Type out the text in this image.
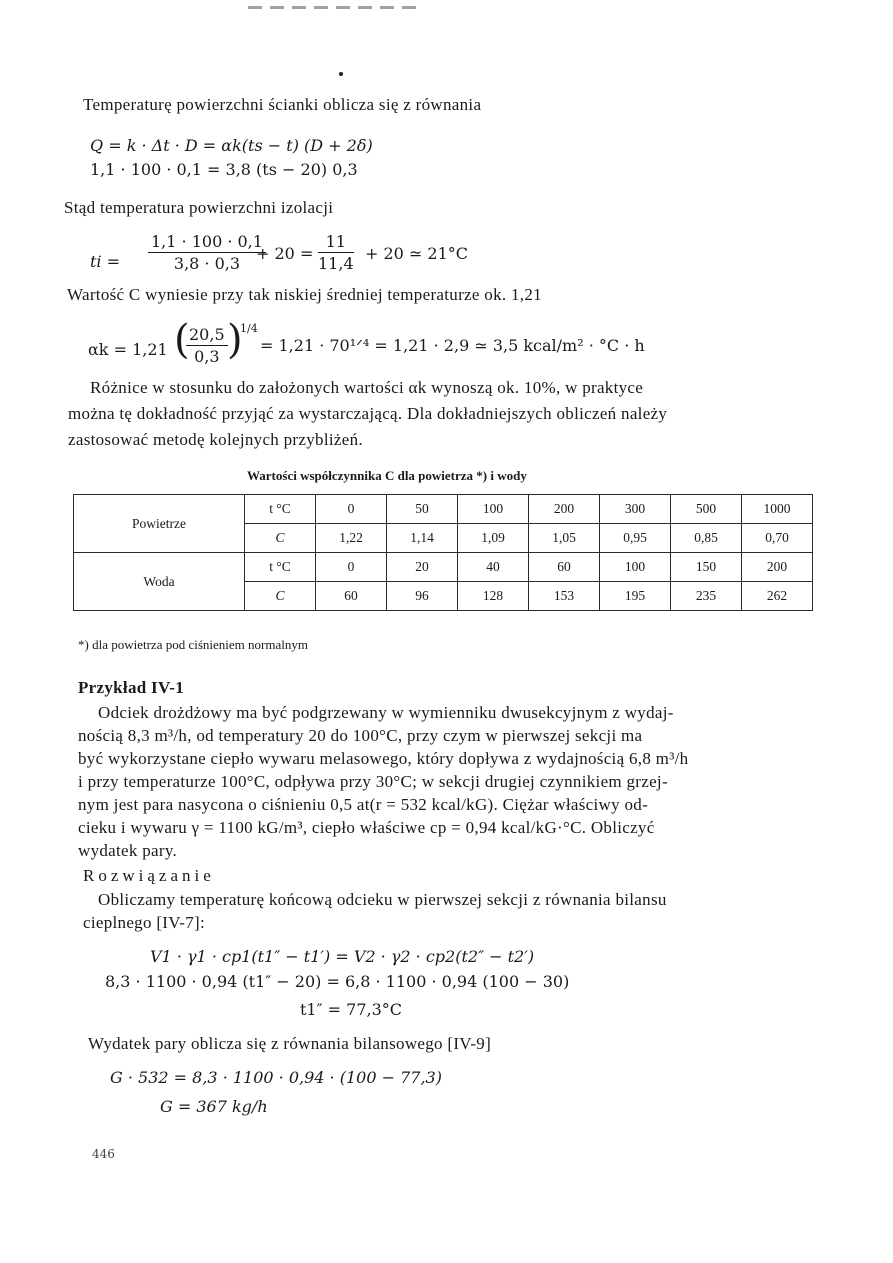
Temperaturę powierzchni ścianki oblicza się z równania
Q = k · Δt · D = αk(ts − t) (D + 2δ)
1,1 · 100 · 0,1 = 3,8 (ts − 20) 0,3
Stąd temperatura powierzchni izolacji
ti = $\frac{1,1 \cdot 100 \cdot 0,1}{3,8 \cdot 0,3}$
+ $20 = \frac{11}{11,4} + 20$ ≃ 21°C
Wartość C wyniesie przy tak niskiej średniej temperaturze ok. 1,21
αk = 1,21 (
$\frac{20,5}{0,3}$ )
1/4
= 1,21 · 70¹ᐟ⁴ = 1,21 · 2,9 ≃ 3,5 kcal/m² · °C · h
Różnice w stosunku do założonych wartości αk wynoszą ok. 10%, w praktyce
można tę dokładność przyjąć za wystarczającą. Dla dokładniejszych obliczeń należy
zastosować metodę kolejnych przybliżeń.
Wartości współczynnika C dla powietrza *) i wody
Powietrze	t °C	0	50	100	200	300	500	1000
	C	1,22	1,14	1,09	1,05	0,95	0,85	0,70
Woda	t °C	0	20	40	60	100	150	200
	C	60	96	128	153	195	235	262
*) dla powietrza pod ciśnieniem normalnym
Przykład IV-1
Odciek drożdżowy ma być podgrzewany w wymienniku dwusekcyjnym z wydaj-
nością 8,3 m³/h, od temperatury 20 do 100°C, przy czym w pierwszej sekcji ma
być wykorzystane ciepło wywaru melasowego, który dopływa z wydajnością 6,8 m³/h
i przy temperaturze 100°C, odpływa przy 30°C; w sekcji drugiej czynnikiem grzej-
nym jest para nasycona o ciśnieniu 0,5 at(r = 532 kcal/kG). Ciężar właściwy od-
cieku i wywaru γ = 1100 kG/m³, ciepło właściwe cp = 0,94 kcal/kG·°C. Obliczyć
wydatek pary.
Rozwiązanie
Obliczamy temperaturę końcową odcieku w pierwszej sekcji z równania bilansu
cieplnego [IV-7]:
V1 · γ1 · cp1(t1″ − t1′) = V2 · γ2 · cp2(t2″ − t2′)
8,3 · 1100 · 0,94 (t1″ − 20) = 6,8 · 1100 · 0,94 (100 − 30)
t1″ = 77,3°C
Wydatek pary oblicza się z równania bilansowego [IV-9]
G · 532 = 8,3 · 1100 · 0,94 · (100 − 77,3)
G = 367 kg/h
446
